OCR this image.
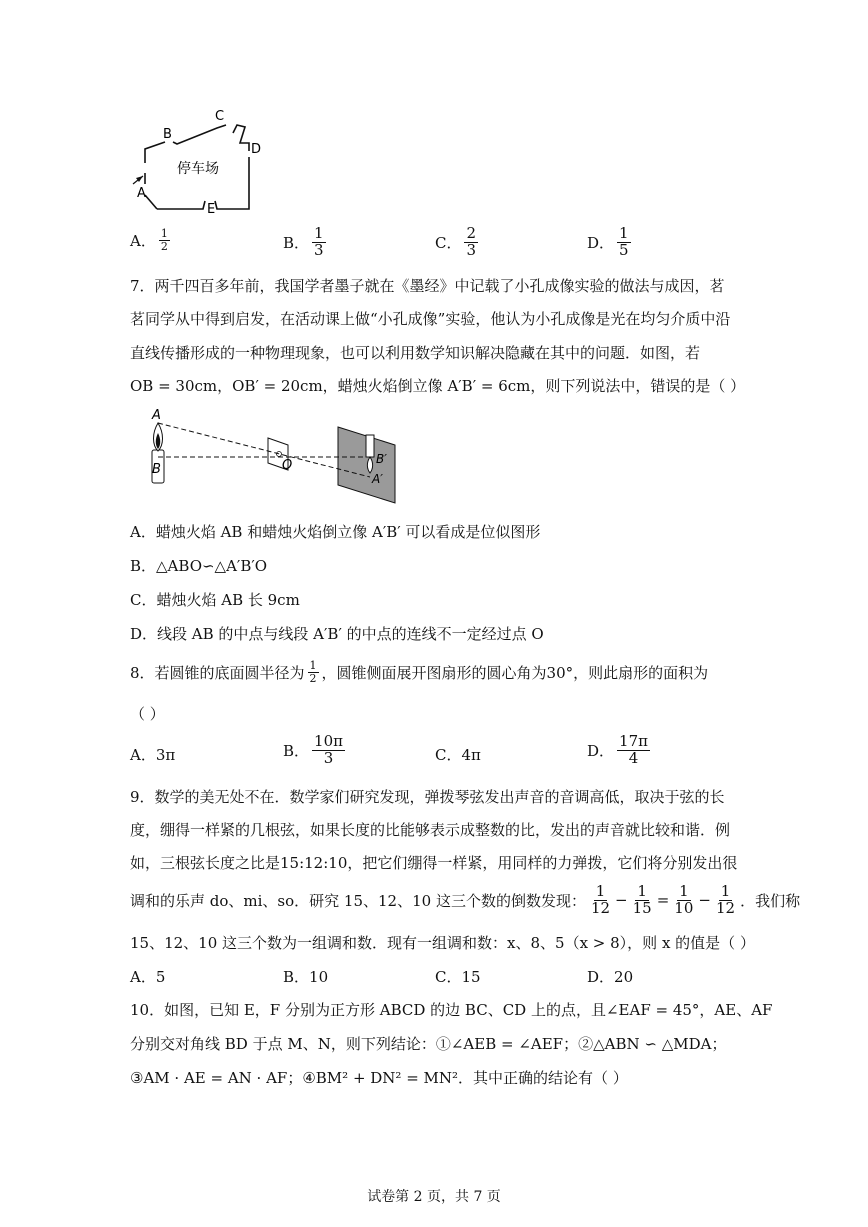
B
C
D
A
E
停车场
A． $\frac{1}{2}$	B． $\frac{1}{3}$	C． $\frac{2}{3}$	D． $\frac{1}{5}$
7．两千四百多年前，我国学者墨子就在《墨经》中记载了小孔成像实验的做法与成因，茗
茗同学从中得到启发，在活动课上做“小孔成像”实验，他认为小孔成像是光在均匀介质中沿
直线传播形成的一种物理现象，也可以利用数学知识解决隐藏在其中的问题．如图，若
OB = 30cm，OB′ = 20cm，蜡烛火焰倒立像 A′B′ = 6cm，则下列说法中，错误的是（ ）
A
B	O	B′
A′
A．蜡烛火焰 AB 和蜡烛火焰倒立像 A′B′ 可以看成是位似图形
B．△ABO∽△A′B′O
C．蜡烛火焰 AB 长 9cm
D．线段 AB 的中点与线段 A′B′ 的中点的连线不一定经过点 O
8．若圆锥的底面圆半径为 $\frac{1}{2}$ ，圆锥侧面展开图扇形的圆心角为30°，则此扇形的面积为
（ ）
A． 3π	B． $\frac{10\pi}{3}$	C． 4π	D． $\frac{17\pi}{4}$
9．数学的美无处不在．数学家们研究发现，弹拨琴弦发出声音的音调高低，取决于弦的长
度，绷得一样紧的几根弦，如果长度的比能够表示成整数的比，发出的声音就比较和谐．例
如，三根弦长度之比是15:12:10，把它们绷得一样紧，用同样的力弹拨，它们将分别发出很
调和的乐声 do、mi、so．研究 15、12、10 这三个数的倒数发现： $\frac{1}{12} - \frac{1}{15} = \frac{1}{10} - \frac{1}{12}$ ．我们称
15、12、10 这三个数为一组调和数．现有一组调和数：x、8、5（x > 8），则 x 的值是（ ）
A． 5	B． 10	C． 15	D． 20
10．如图，已知 E，F 分别为正方形 ABCD 的边 BC、CD 上的点，且∠EAF = 45°，AE、AF
分别交对角线 BD 于点 M、N，则下列结论：①∠AEB = ∠AEF；②△ABN ∽ △MDA；
③AM · AE = AN · AF；④BM² + DN² = MN²．其中正确的结论有（ ）
试卷第 2 页，共 7 页
